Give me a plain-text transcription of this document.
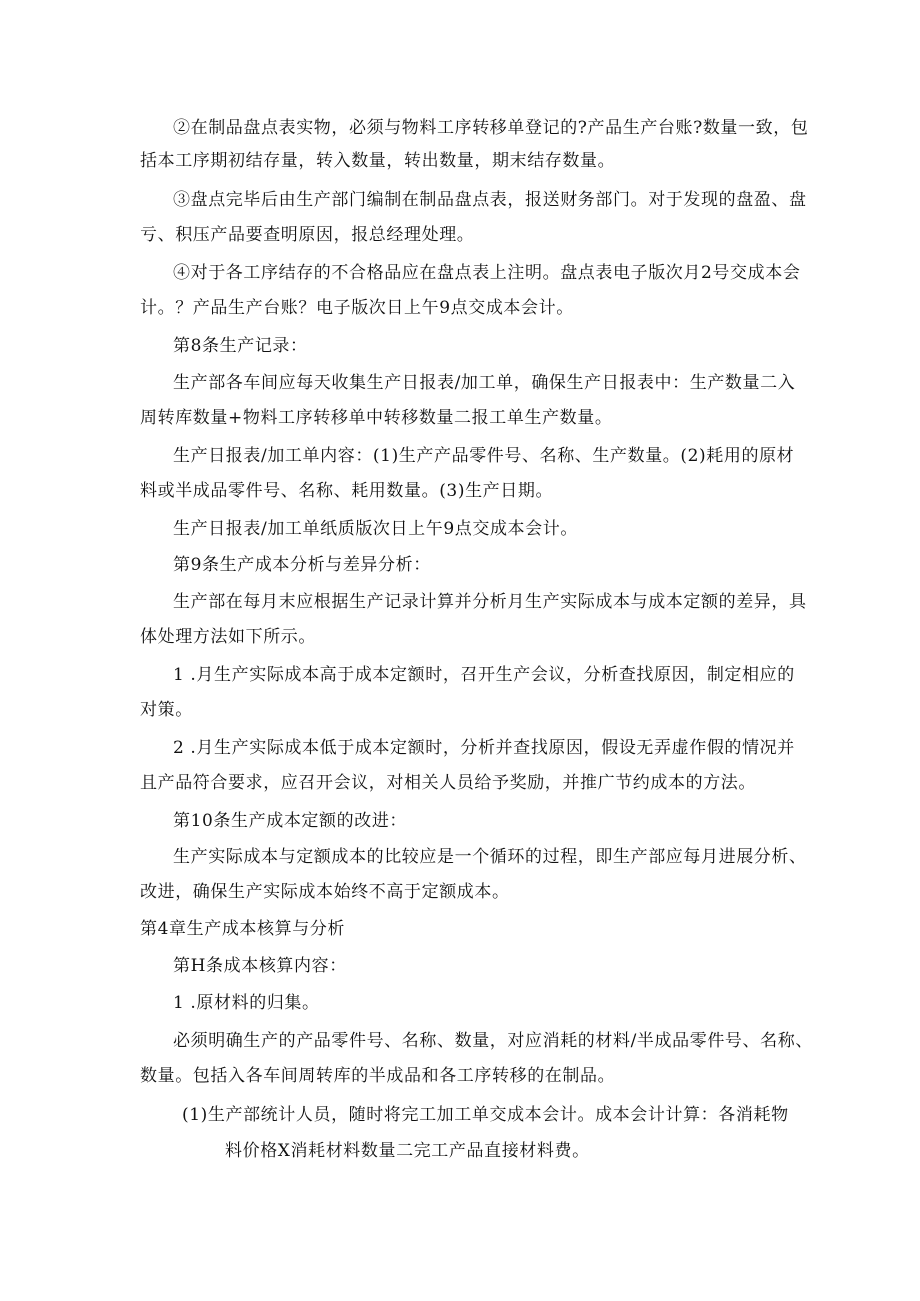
②在制品盘点表实物，必须与物料工序转移单登记的?产品生产台账?数量一致，包
括本工序期初结存量，转入数量，转出数量，期末结存数量。
③盘点完毕后由生产部门编制在制品盘点表，报送财务部门。对于发现的盘盈、盘
亏、积压产品要查明原因，报总经理处理。
④对于各工序结存的不合格品应在盘点表上注明。盘点表电子版次月2号交成本会
计。？产品生产台账？电子版次日上午9点交成本会计。
第8条生产记录：
生产部各车间应每天收集生产日报表/加工单，确保生产日报表中：生产数量二入
周转库数量+物料工序转移单中转移数量二报工单生产数量。
生产日报表/加工单内容：(1)生产产品零件号、名称、生产数量。(2)耗用的原材
料或半成品零件号、名称、耗用数量。(3)生产日期。
生产日报表/加工单纸质版次日上午9点交成本会计。
第9条生产成本分析与差异分析：
生产部在每月末应根据生产记录计算并分析月生产实际成本与成本定额的差异，具
体处理方法如下所示。
1 .月生产实际成本高于成本定额时，召开生产会议，分析查找原因，制定相应的
对策。
2 .月生产实际成本低于成本定额时，分析并查找原因，假设无弄虚作假的情况并
且产品符合要求，应召开会议，对相关人员给予奖励，并推广节约成本的方法。
第10条生产成本定额的改进：
生产实际成本与定额成本的比较应是一个循环的过程，即生产部应每月进展分析、
改进，确保生产实际成本始终不高于定额成本。
第4章生产成本核算与分析
第H条成本核算内容：
1 .原材料的归集。
必须明确生产的产品零件号、名称、数量，对应消耗的材料/半成品零件号、名称、
数量。包括入各车间周转库的半成品和各工序转移的在制品。
(1)生产部统计人员，随时将完工加工单交成本会计。成本会计计算：各消耗物
料价格X消耗材料数量二完工产品直接材料费。
